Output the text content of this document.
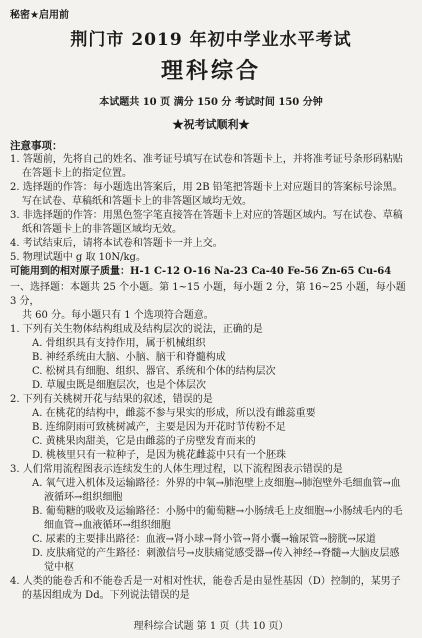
秘密★启用前
荆门市 2019 年初中学业水平考试
理科综合
本试题共 10 页 满分 150 分 考试时间 150 分钟
★祝考试顺利★
注意事项：
1. 答题前，先将自己的姓名、准考证号填写在试卷和答题卡上，并将准考证号条形码粘贴
在答题卡上的指定位置。
2. 选择题的作答：每小题选出答案后，用 2B 铅笔把答题卡上对应题目的答案标号涂黑。
写在试卷、草稿纸和答题卡上的非答题区域均无效。
3. 非选择题的作答：用黑色签字笔直接答在答题卡上对应的答题区域内。写在试卷、草稿
纸和答题卡上的非答题区域均无效。
4. 考试结束后，请将本试卷和答题卡一并上交。
5. 物理试题中 g 取 10N/kg。
可能用到的相对原子质量：H-1 C-12 O-16 Na-23 Ca-40 Fe-56 Zn-65 Cu-64
一、选择题：本题共 25 个小题。第 1~15 小题，每小题 2 分，第 16~25 小题，每小题 3 分，
共 60 分。每小题只有 1 个选项符合题意。
1. 下列有关生物体结构组成及结构层次的说法，正确的是
A. 骨组织具有支持作用，属于机械组织
B. 神经系统由大脑、小脑、脑干和脊髓构成
C. 松树具有细胞、组织、器官、系统和个体的结构层次
D. 草履虫既是细胞层次，也是个体层次
2. 下列有关桃树开花与结果的叙述，错误的是
A. 在桃花的结构中，雌蕊不参与果实的形成，所以没有雌蕊重要
B. 连绵阴雨可致桃树减产，主要是因为开花时节传粉不足
C. 黄桃果肉甜美，它是由雌蕊的子房壁发育而来的
D. 桃核里只有一粒种子，是因为桃花雌蕊中只有一个胚珠
3. 人们常用流程图表示连续发生的人体生理过程，以下流程图表示错误的是
A. 氧气进入机体及运输路径：外界的中氧→肺泡壁上皮细胞→肺泡壁外毛细血管→血
液循环→组织细胞
B. 葡萄糖的吸收及运输路径：小肠中的葡萄糖→小肠绒毛上皮细胞→小肠绒毛内的毛
细血管→血液循环→组织细胞
C. 尿素的主要排出路径：血液→肾小球→肾小管→肾小囊→输尿管→膀胱→尿道
D. 皮肤痛觉的产生路径：刺激信号→皮肤痛觉感受器→传入神经→脊髓→大脑皮层感
觉中枢
4. 人类的能卷舌和不能卷舌是一对相对性状，能卷舌是由显性基因（D）控制的，某男子
的基因组成为 Dd。下列说法错误的是
理科综合试题 第 1 页（共 10 页）
